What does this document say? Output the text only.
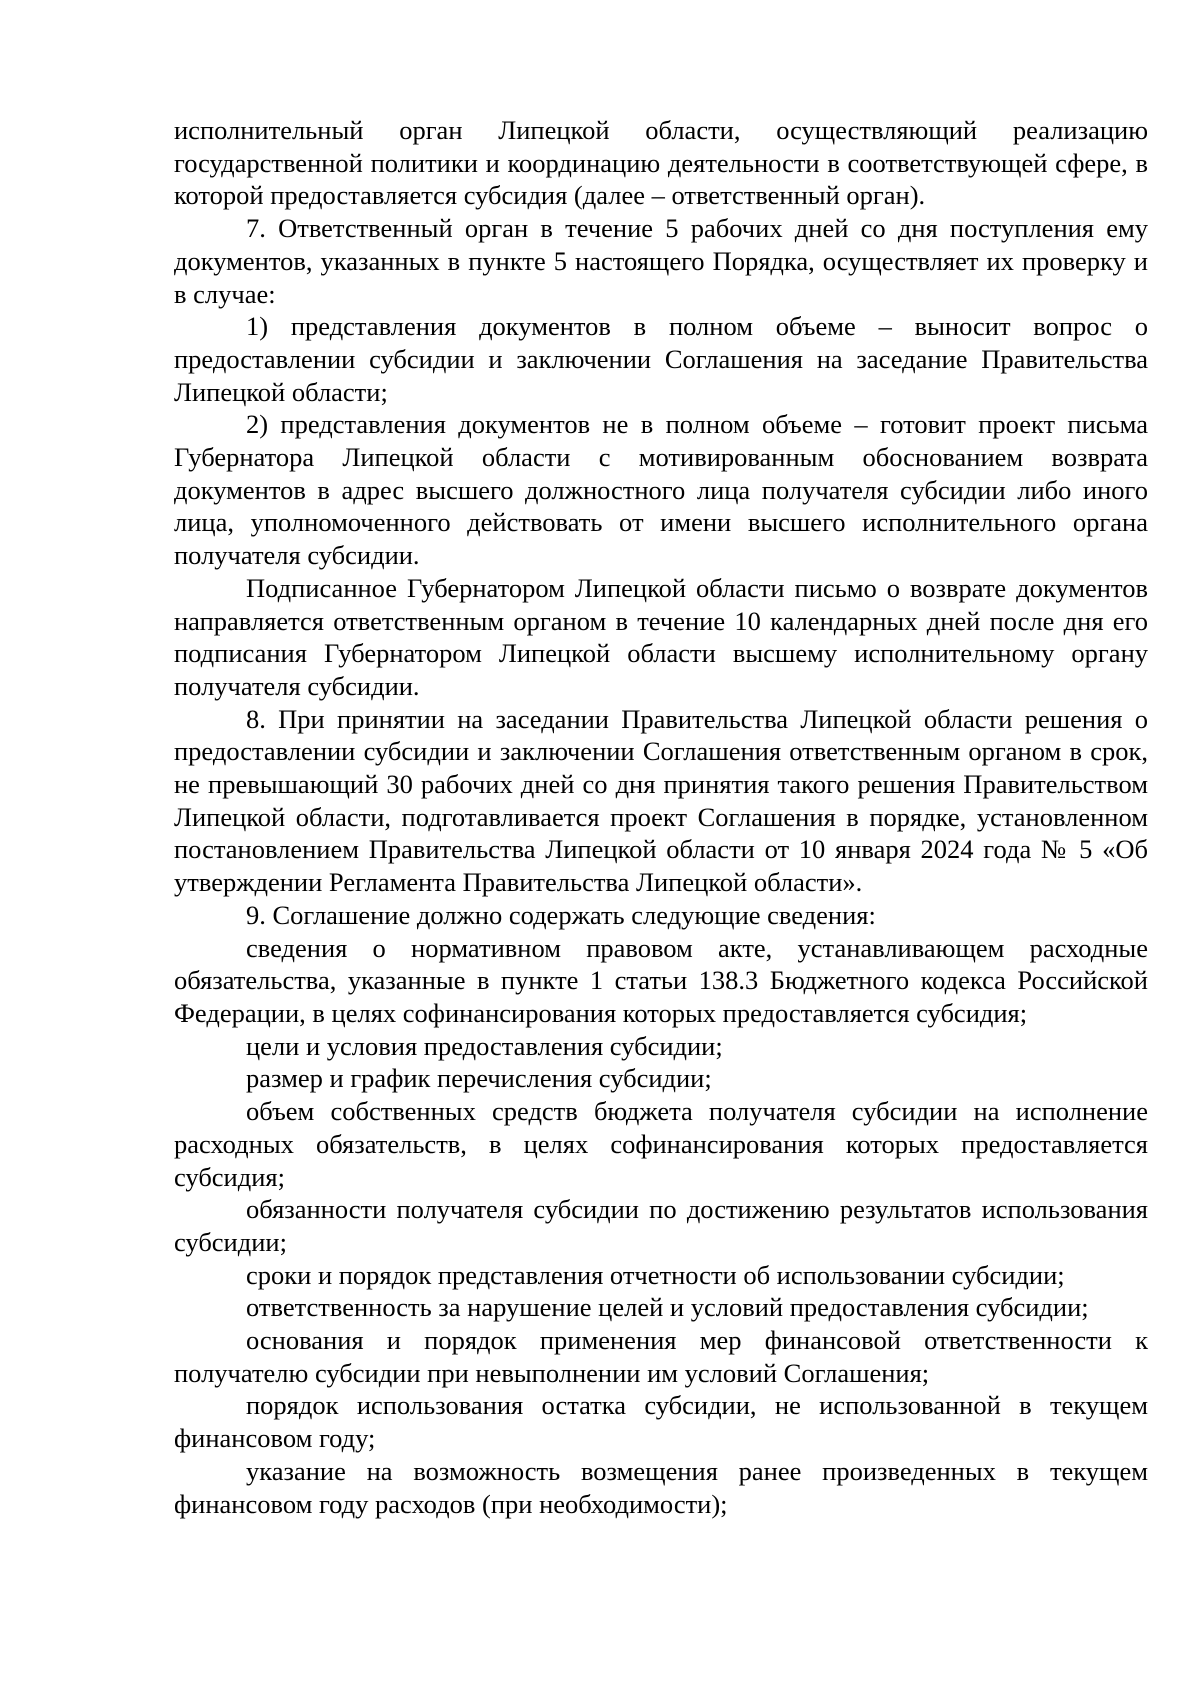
исполнительный орган Липецкой области, осуществляющий реализацию государственной политики и координацию деятельности в соответствующей сфере, в которой предоставляется субсидия (далее – ответственный орган).

7. Ответственный орган в течение 5 рабочих дней со дня поступления ему документов, указанных в пункте 5 настоящего Порядка, осуществляет их проверку и в случае:

1) представления документов в полном объеме – выносит вопрос о предоставлении субсидии и заключении Соглашения на заседание Правительства Липецкой области;

2) представления документов не в полном объеме – готовит проект письма Губернатора Липецкой области с мотивированным обоснованием возврата документов в адрес высшего должностного лица получателя субсидии либо иного лица, уполномоченного действовать от имени высшего исполнительного органа получателя субсидии.

Подписанное Губернатором Липецкой области письмо о возврате документов направляется ответственным органом в течение 10 календарных дней после дня его подписания Губернатором Липецкой области высшему исполнительному органу получателя субсидии.

8. При принятии на заседании Правительства Липецкой области решения о предоставлении субсидии и заключении Соглашения ответственным органом в срок, не превышающий 30 рабочих дней со дня принятия такого решения Правительством Липецкой области, подготавливается проект Соглашения в порядке, установленном постановлением Правительства Липецкой области от 10 января 2024 года № 5 «Об утверждении Регламента Правительства Липецкой области».

9. Соглашение должно содержать следующие сведения:

сведения о нормативном правовом акте, устанавливающем расходные обязательства, указанные в пункте 1 статьи 138.3 Бюджетного кодекса Российской Федерации, в целях софинансирования которых предоставляется субсидия;

цели и условия предоставления субсидии;

размер и график перечисления субсидии;

объем собственных средств бюджета получателя субсидии на исполнение расходных обязательств, в целях софинансирования которых предоставляется субсидия;

обязанности получателя субсидии по достижению результатов использования субсидии;

сроки и порядок представления отчетности об использовании субсидии;

ответственность за нарушение целей и условий предоставления субсидии;

основания и порядок применения мер финансовой ответственности к получателю субсидии при невыполнении им условий Соглашения;

порядок использования остатка субсидии, не использованной в текущем финансовом году;

указание на возможность возмещения ранее произведенных в текущем финансовом году расходов (при необходимости);
